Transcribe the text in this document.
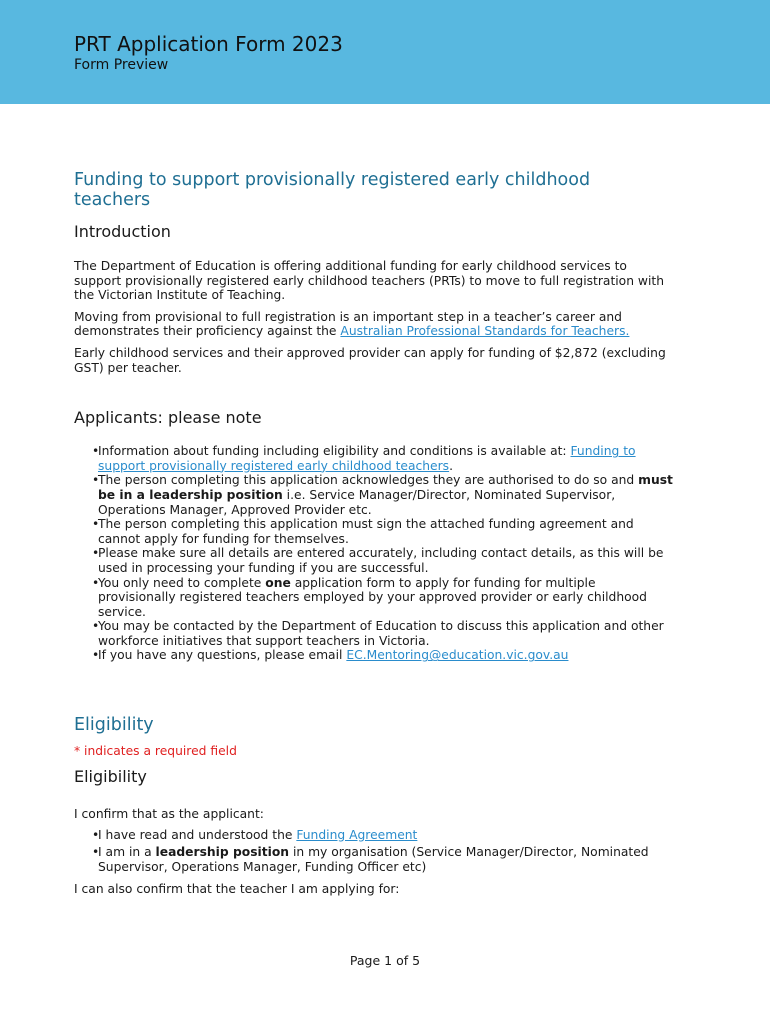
PRT Application Form 2023
Form Preview
Funding to support provisionally registered early childhood teachers
Introduction

The Department of Education is offering additional funding for early childhood services to support provisionally registered early childhood teachers (PRTs) to move to full registration with the Victorian Institute of Teaching.

Moving from provisional to full registration is an important step in a teacher’s career and demonstrates their proficiency against the Australian Professional Standards for Teachers.

Early childhood services and their approved provider can apply for funding of $2,872 (excluding GST) per teacher.

Applicants: please note
•
Information about funding including eligibility and conditions is available at: Funding to support provisionally registered early childhood teachers.
•
The person completing this application acknowledges they are authorised to do so and must be in a leadership position i.e. Service Manager/Director, Nominated Supervisor, Operations Manager, Approved Provider etc.
•
The person completing this application must sign the attached funding agreement and cannot apply for funding for themselves.
•
Please make sure all details are entered accurately, including contact details, as this will be used in processing your funding if you are successful.
•
You only need to complete one application form to apply for funding for multiple provisionally registered teachers employed by your approved provider or early childhood service.
•
You may be contacted by the Department of Education to discuss this application and other workforce initiatives that support teachers in Victoria.
•
If you have any questions, please email EC.Mentoring@education.vic.gov.au
Eligibility

* indicates a required field

Eligibility

I confirm that as the applicant:

•
I have read and understood the Funding Agreement
•
I am in a leadership position in my organisation (Service Manager/Director, Nominated Supervisor, Operations Manager, Funding Officer etc)

I can also confirm that the teacher I am applying for:

Page 1 of 5
